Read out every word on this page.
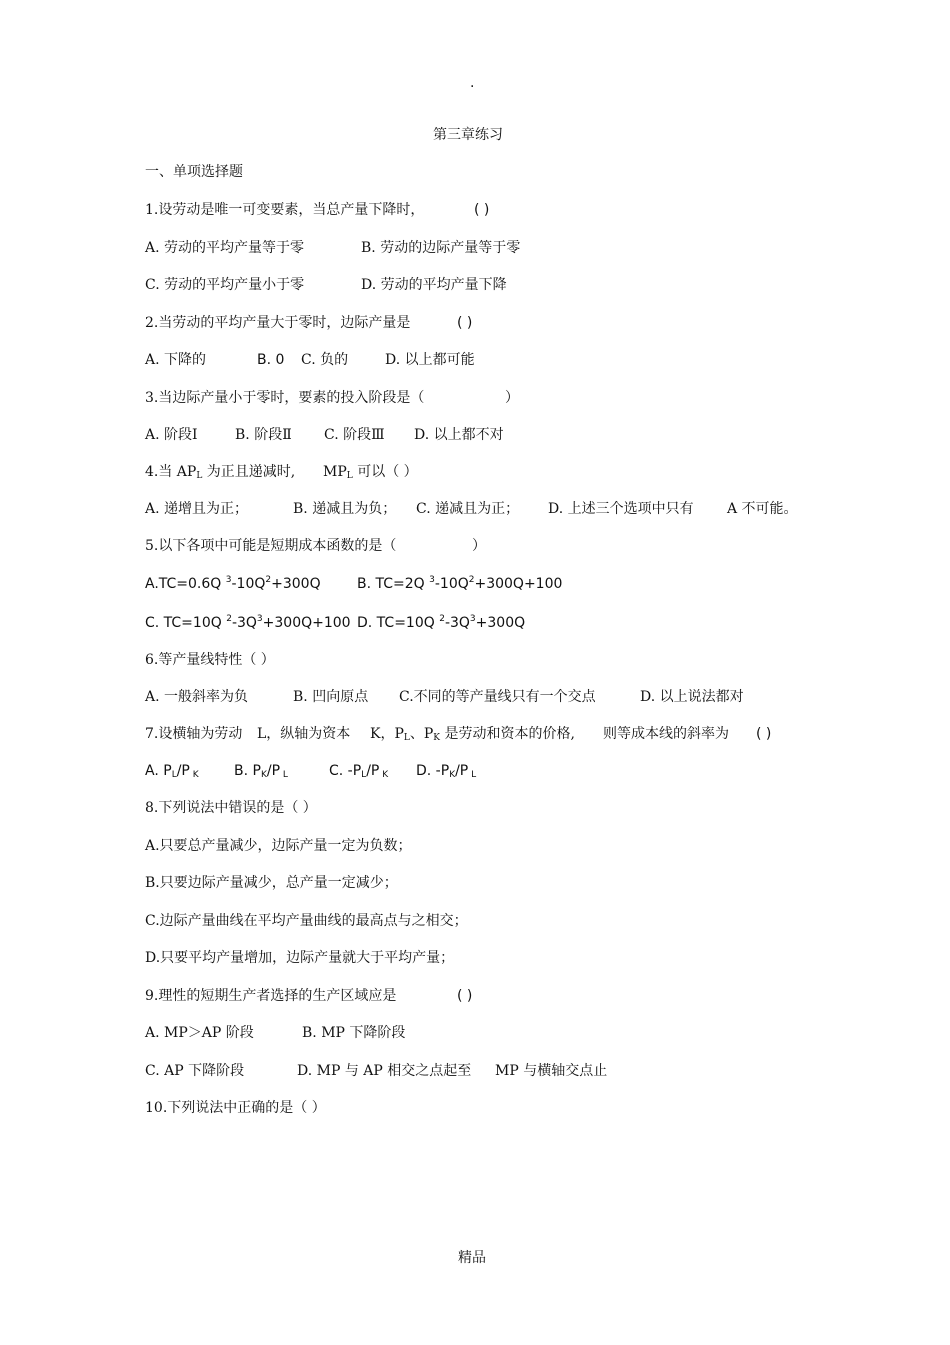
.
第三章练习
一、单项选择题
1.设劳动是唯一可变要素，当总产量下降时，	( )
A. 劳动的平均产量等于零	B. 劳动的边际产量等于零
C. 劳动的平均产量小于零	D. 劳动的平均产量下降
2.当劳动的平均产量大于零时，边际产量是	( )
A. 下降的	B. 0 C. 负的	D. 以上都可能
3.当边际产量小于零时，要素的投入阶段是（	）
A. 阶段Ⅰ	B. 阶段Ⅱ C. 阶段Ⅲ D. 以上都不对
4.当 $AP_L$ 为正且递减时, $MP_L$ 可以（ ）
A. 递增且为正；	B. 递减且为负； C. 递减且为正； D. 上述三个选项中只有 A 不可能。
5.以下各项中可能是短期成本函数的是（	）
A.TC=0.6Q $^3-10Q^2+300Q$	B. TC=2Q $^3-10Q^2+300Q+100$
C. TC=10Q $^2-3Q^3+300Q+100$ D. TC=10Q $^2-3Q^3+300Q$
6.等产量线特性（ ）
A. 一般斜率为负	B. 凹向原点 C.不同的等产量线只有一个交点	D. 以上说法都对
7.设横轴为劳动 L，纵轴为资本 K，$P_L$、$P_K$ 是劳动和资本的价格, 则等成本线的斜率为 ( )
A. $P_L/P$ $_K$	B. $P_K/P$ $_L$	C. $-P_L/P$ $_K$ D. $-P_K/P$ $_L$
8.下列说法中错误的是（ ）
A.只要总产量减少，边际产量一定为负数；
B.只要边际产量减少，总产量一定减少；
C.边际产量曲线在平均产量曲线的最高点与之相交；
D.只要平均产量增加，边际产量就大于平均产量；
9.理性的短期生产者选择的生产区域应是	( )
A. MP＞AP 阶段	B. MP 下降阶段
C. AP 下降阶段	D. MP 与 AP 相交之点起至 MP 与横轴交点止
10.下列说法中正确的是（ ）
精品
